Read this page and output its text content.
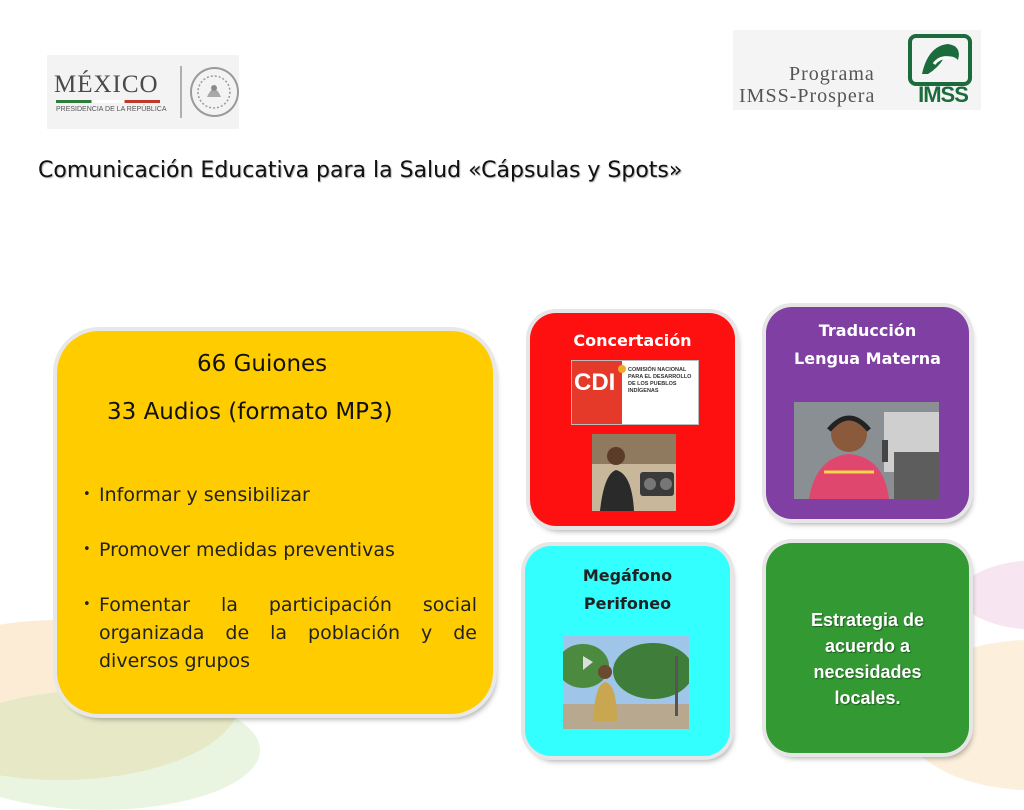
MÉXICO
PRESIDENCIA DE LA REPÚBLICA
Programa
IMSS-Prospera	IMSS
Comunicación Educativa para la Salud «Cápsulas y Spots»
66 Guiones
33 Audios (formato MP3)
• Informar y sensibilizar
• Promover medidas preventivas
• Fomentar la participación social organizada de la población y de diversos grupos
Concertación
CDI COMISIÓN NACIONAL PARA EL DESARROLLO DE LOS PUEBLOS INDÍGENAS
Traducción
Lengua Materna
Megáfono
Perifoneo
Estrategia de acuerdo a necesidades locales.
